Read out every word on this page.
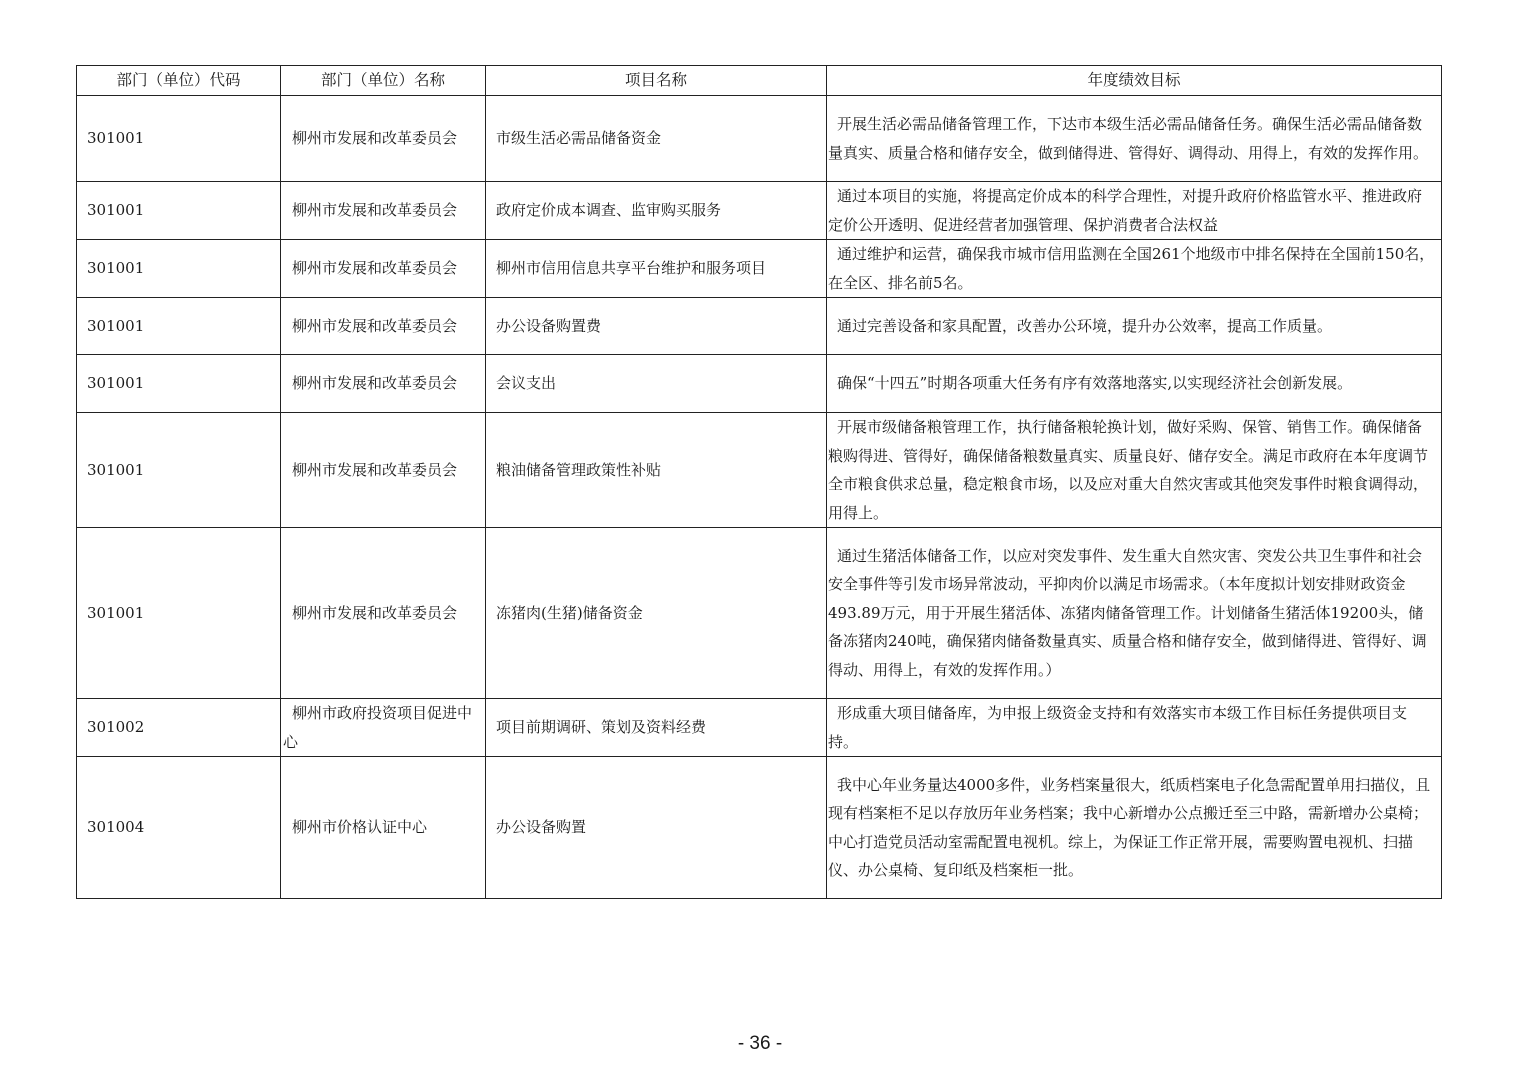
部门（单位）代码	部门（单位）名称	项目名称	年度绩效目标
301001	柳州市发展和改革委员会	市级生活必需品储备资金	开展生活必需品储备管理工作，下达市本级生活必需品储备任务。确保生活必需品储备数量真实、质量合格和储存安全，做到储得进、管得好、调得动、用得上，有效的发挥作用。
301001	柳州市发展和改革委员会	政府定价成本调查、监审购买服务	通过本项目的实施，将提高定价成本的科学合理性，对提升政府价格监管水平、推进政府定价公开透明、促进经营者加强管理、保护消费者合法权益
301001	柳州市发展和改革委员会	柳州市信用信息共享平台维护和服务项目	通过维护和运营，确保我市城市信用监测在全国261个地级市中排名保持在全国前150名，在全区、排名前5名。
301001	柳州市发展和改革委员会	办公设备购置费	通过完善设备和家具配置，改善办公环境，提升办公效率，提高工作质量。
301001	柳州市发展和改革委员会	会议支出	确保“十四五”时期各项重大任务有序有效落地落实,以实现经济社会创新发展。
301001	柳州市发展和改革委员会	粮油储备管理政策性补贴	开展市级储备粮管理工作，执行储备粮轮换计划，做好采购、保管、销售工作。确保储备粮购得进、管得好，确保储备粮数量真实、质量良好、储存安全。满足市政府在本年度调节全市粮食供求总量，稳定粮食市场，以及应对重大自然灾害或其他突发事件时粮食调得动，用得上。
301001	柳州市发展和改革委员会	冻猪肉(生猪)储备资金	通过生猪活体储备工作，以应对突发事件、发生重大自然灾害、突发公共卫生事件和社会安全事件等引发市场异常波动，平抑肉价以满足市场需求。（本年度拟计划安排财政资金493.89万元，用于开展生猪活体、冻猪肉储备管理工作。计划储备生猪活体19200头，储备冻猪肉240吨，确保猪肉储备数量真实、质量合格和储存安全，做到储得进、管得好、调得动、用得上，有效的发挥作用。）
301002	柳州市政府投资项目促进中心	项目前期调研、策划及资料经费	形成重大项目储备库，为申报上级资金支持和有效落实市本级工作目标任务提供项目支持。
301004	柳州市价格认证中心	办公设备购置	我中心年业务量达4000多件，业务档案量很大，纸质档案电子化急需配置单用扫描仪，且现有档案柜不足以存放历年业务档案；我中心新增办公点搬迁至三中路，需新增办公桌椅；中心打造党员活动室需配置电视机。综上，为保证工作正常开展，需要购置电视机、扫描仪、办公桌椅、复印纸及档案柜一批。
- 36 -
